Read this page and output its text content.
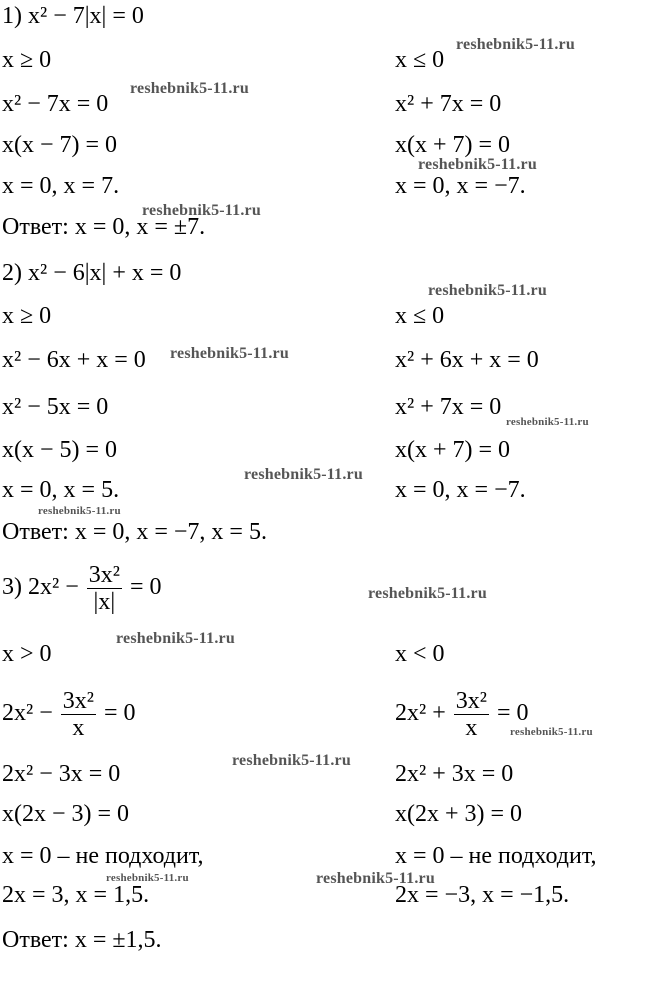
1) x² − 7|x| = 0
x ≥ 0	x ≤ 0
x² − 7x = 0	x² + 7x = 0
x(x − 7) = 0	x(x + 7) = 0
x = 0, x = 7.	x = 0, x = −7.
Ответ: x = 0, x = ±7.
2) x² − 6|x| + x = 0
x ≥ 0	x ≤ 0
x² − 6x + x = 0	x² + 6x + x = 0
x² − 5x = 0	x² + 7x = 0
x(x − 5) = 0	x(x + 7) = 0
x = 0, x = 5.	x = 0, x = −7.
Ответ: x = 0, x = −7, x = 5.
3) $2x^2 - \frac{\text{3x²}}{|x|} = 0$
x > 0	x < 0
$2x^2 - \frac{\text{3x²}}{x} = 0$	$2x^2 + \frac{\text{3x²}}{x} = 0$
2x² − 3x = 0	2x² + 3x = 0
x(2x − 3) = 0	x(2x + 3) = 0
x = 0 – не подходит,	x = 0 – не подходит,
2x = 3, x = 1,5.	2x = −3, x = −1,5.
Ответ: x = ±1,5.
reshebnik5-11.ru
reshebnik5-11.ru
reshebnik5-11.ru
reshebnik5-11.ru
reshebnik5-11.ru
reshebnik5-11.ru
reshebnik5-11.ru
reshebnik5-11.ru
reshebnik5-11.ru
reshebnik5-11.ru
reshebnik5-11.ru
reshebnik5-11.ru
reshebnik5-11.ru
reshebnik5-11.ru	reshebnik5-11.ru
